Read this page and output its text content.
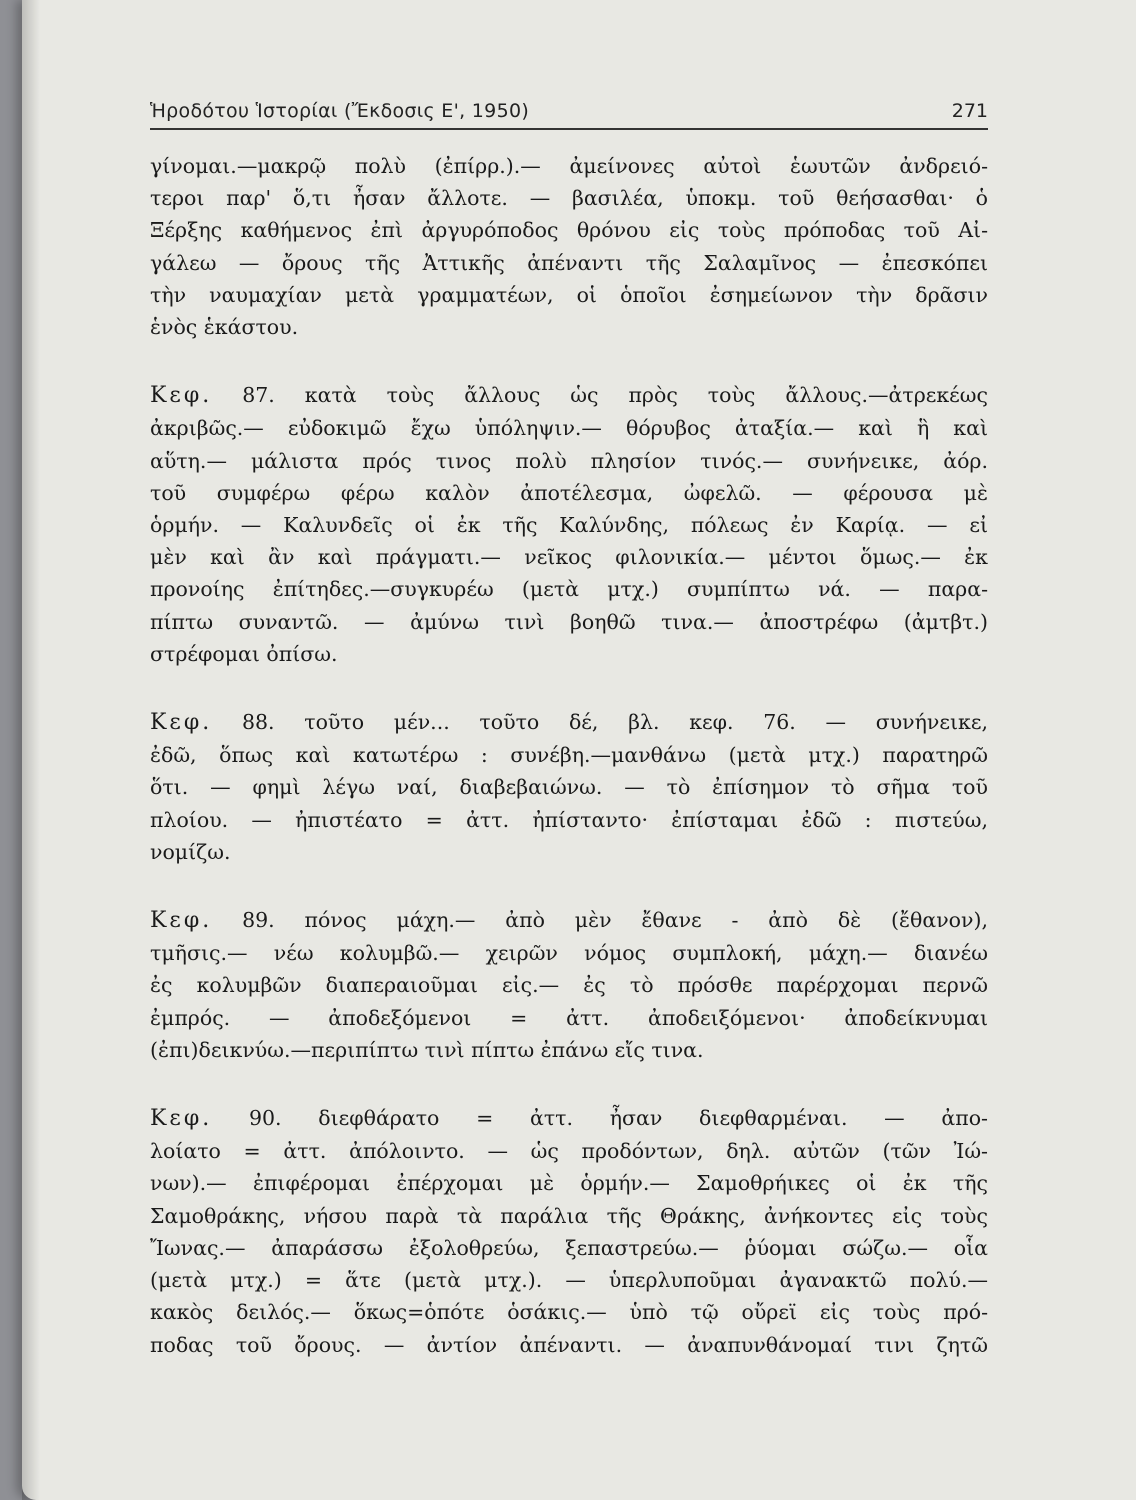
Ἡροδότου Ἱστορίαι (Ἔκδοσις Ε', 1950)	271
γίνομαι.—μακρῷ πολὺ (ἐπίρρ.).— ἀμείνονες αὐτοὶ ἑωυτῶν ἀνδρειό-
τεροι παρ' ὅ,τι ἦσαν ἄλλοτε. — βασιλέα, ὑποκμ. τοῦ θεήσασθαι· ὁ
Ξέρξης καθήμενος ἐπὶ ἀργυρόποδος θρόνου εἰς τοὺς πρόποδας τοῦ Αἰ-
γάλεω — ὄρους τῆς Ἀττικῆς ἀπέναντι τῆς Σαλαμῖνος — ἐπεσκόπει
τὴν ναυμαχίαν μετὰ γραμματέων, οἱ ὁποῖοι ἐσημείωνον τὴν δρᾶσιν
ἑνὸς ἑκάστου.
Κεφ. 87. κατὰ τοὺς ἄλλους ὡς πρὸς τοὺς ἄλλους.—ἀτρεκέως
ἀκριβῶς.— εὐδοκιμῶ ἔχω ὑπόληψιν.— θόρυβος ἀταξία.— καὶ ἣ καὶ
αὕτη.— μάλιστα πρός τινος πολὺ πλησίον τινός.— συνήνεικε, ἀόρ.
τοῦ συμφέρω φέρω καλὸν ἀποτέλεσμα, ὠφελῶ. — φέρουσα μὲ
ὁρμήν. — Καλυνδεῖς οἱ ἐκ τῆς Καλύνδης, πόλεως ἐν Καρίᾳ. — εἰ
μὲν καὶ ἂν καὶ πράγματι.— νεῖκος φιλονικία.— μέντοι ὅμως.— ἐκ
προνοίης ἐπίτηδες.—συγκυρέω (μετὰ μτχ.) συμπίπτω νά. — παρα-
πίπτω συναντῶ. — ἀμύνω τινὶ βοηθῶ τινα.— ἀποστρέφω (ἀμτβτ.)
στρέφομαι ὀπίσω.
Κεφ. 88. τοῦτο μέν... τοῦτο δέ, βλ. κεφ. 76. — συνήνεικε,
ἐδῶ, ὅπως καὶ κατωτέρω : συνέβη.—μανθάνω (μετὰ μτχ.) παρατηρῶ
ὅτι. — φημὶ λέγω ναί, διαβεβαιώνω. — τὸ ἐπίσημον τὸ σῆμα τοῦ
πλοίου. — ἠπιστέατο = ἀττ. ἠπίσταντο· ἐπίσταμαι ἐδῶ : πιστεύω,
νομίζω.
Κεφ. 89. πόνος μάχη.— ἀπὸ μὲν ἔθανε - ἀπὸ δὲ (ἔθανον),
τμῆσις.— νέω κολυμβῶ.— χειρῶν νόμος συμπλοκή, μάχη.— διανέω
ἐς κολυμβῶν διαπεραιοῦμαι εἰς.— ἐς τὸ πρόσθε παρέρχομαι περνῶ
ἐμπρός. — ἀποδεξόμενοι = ἀττ. ἀποδειξόμενοι· ἀποδείκνυμαι
(ἐπι)δεικνύω.—περιπίπτω τινὶ πίπτω ἐπάνω εἴς τινα.
Κεφ. 90. διεφθάρατο = ἀττ. ἦσαν διεφθαρμέναι. — ἀπο-
λοίατο = ἀττ. ἀπόλοιντο. — ὡς προδόντων, δηλ. αὐτῶν (τῶν Ἰώ-
νων).— ἐπιφέρομαι ἐπέρχομαι μὲ ὁρμήν.— Σαμοθρήικες οἱ ἐκ τῆς
Σαμοθράκης, νήσου παρὰ τὰ παράλια τῆς Θράκης, ἀνήκοντες εἰς τοὺς
Ἴωνας.— ἀπαράσσω ἐξολοθρεύω, ξεπαστρεύω.— ῥύομαι σώζω.— οἷα
(μετὰ μτχ.) = ἅτε (μετὰ μτχ.). — ὑπερλυποῦμαι ἀγανακτῶ πολύ.—
κακὸς δειλός.— ὅκως=ὁπότε ὁσάκις.— ὑπὸ τῷ οὔρεϊ εἰς τοὺς πρό-
ποδας τοῦ ὄρους. — ἀντίον ἀπέναντι. — ἀναπυνθάνομαί τινι ζητῶ
